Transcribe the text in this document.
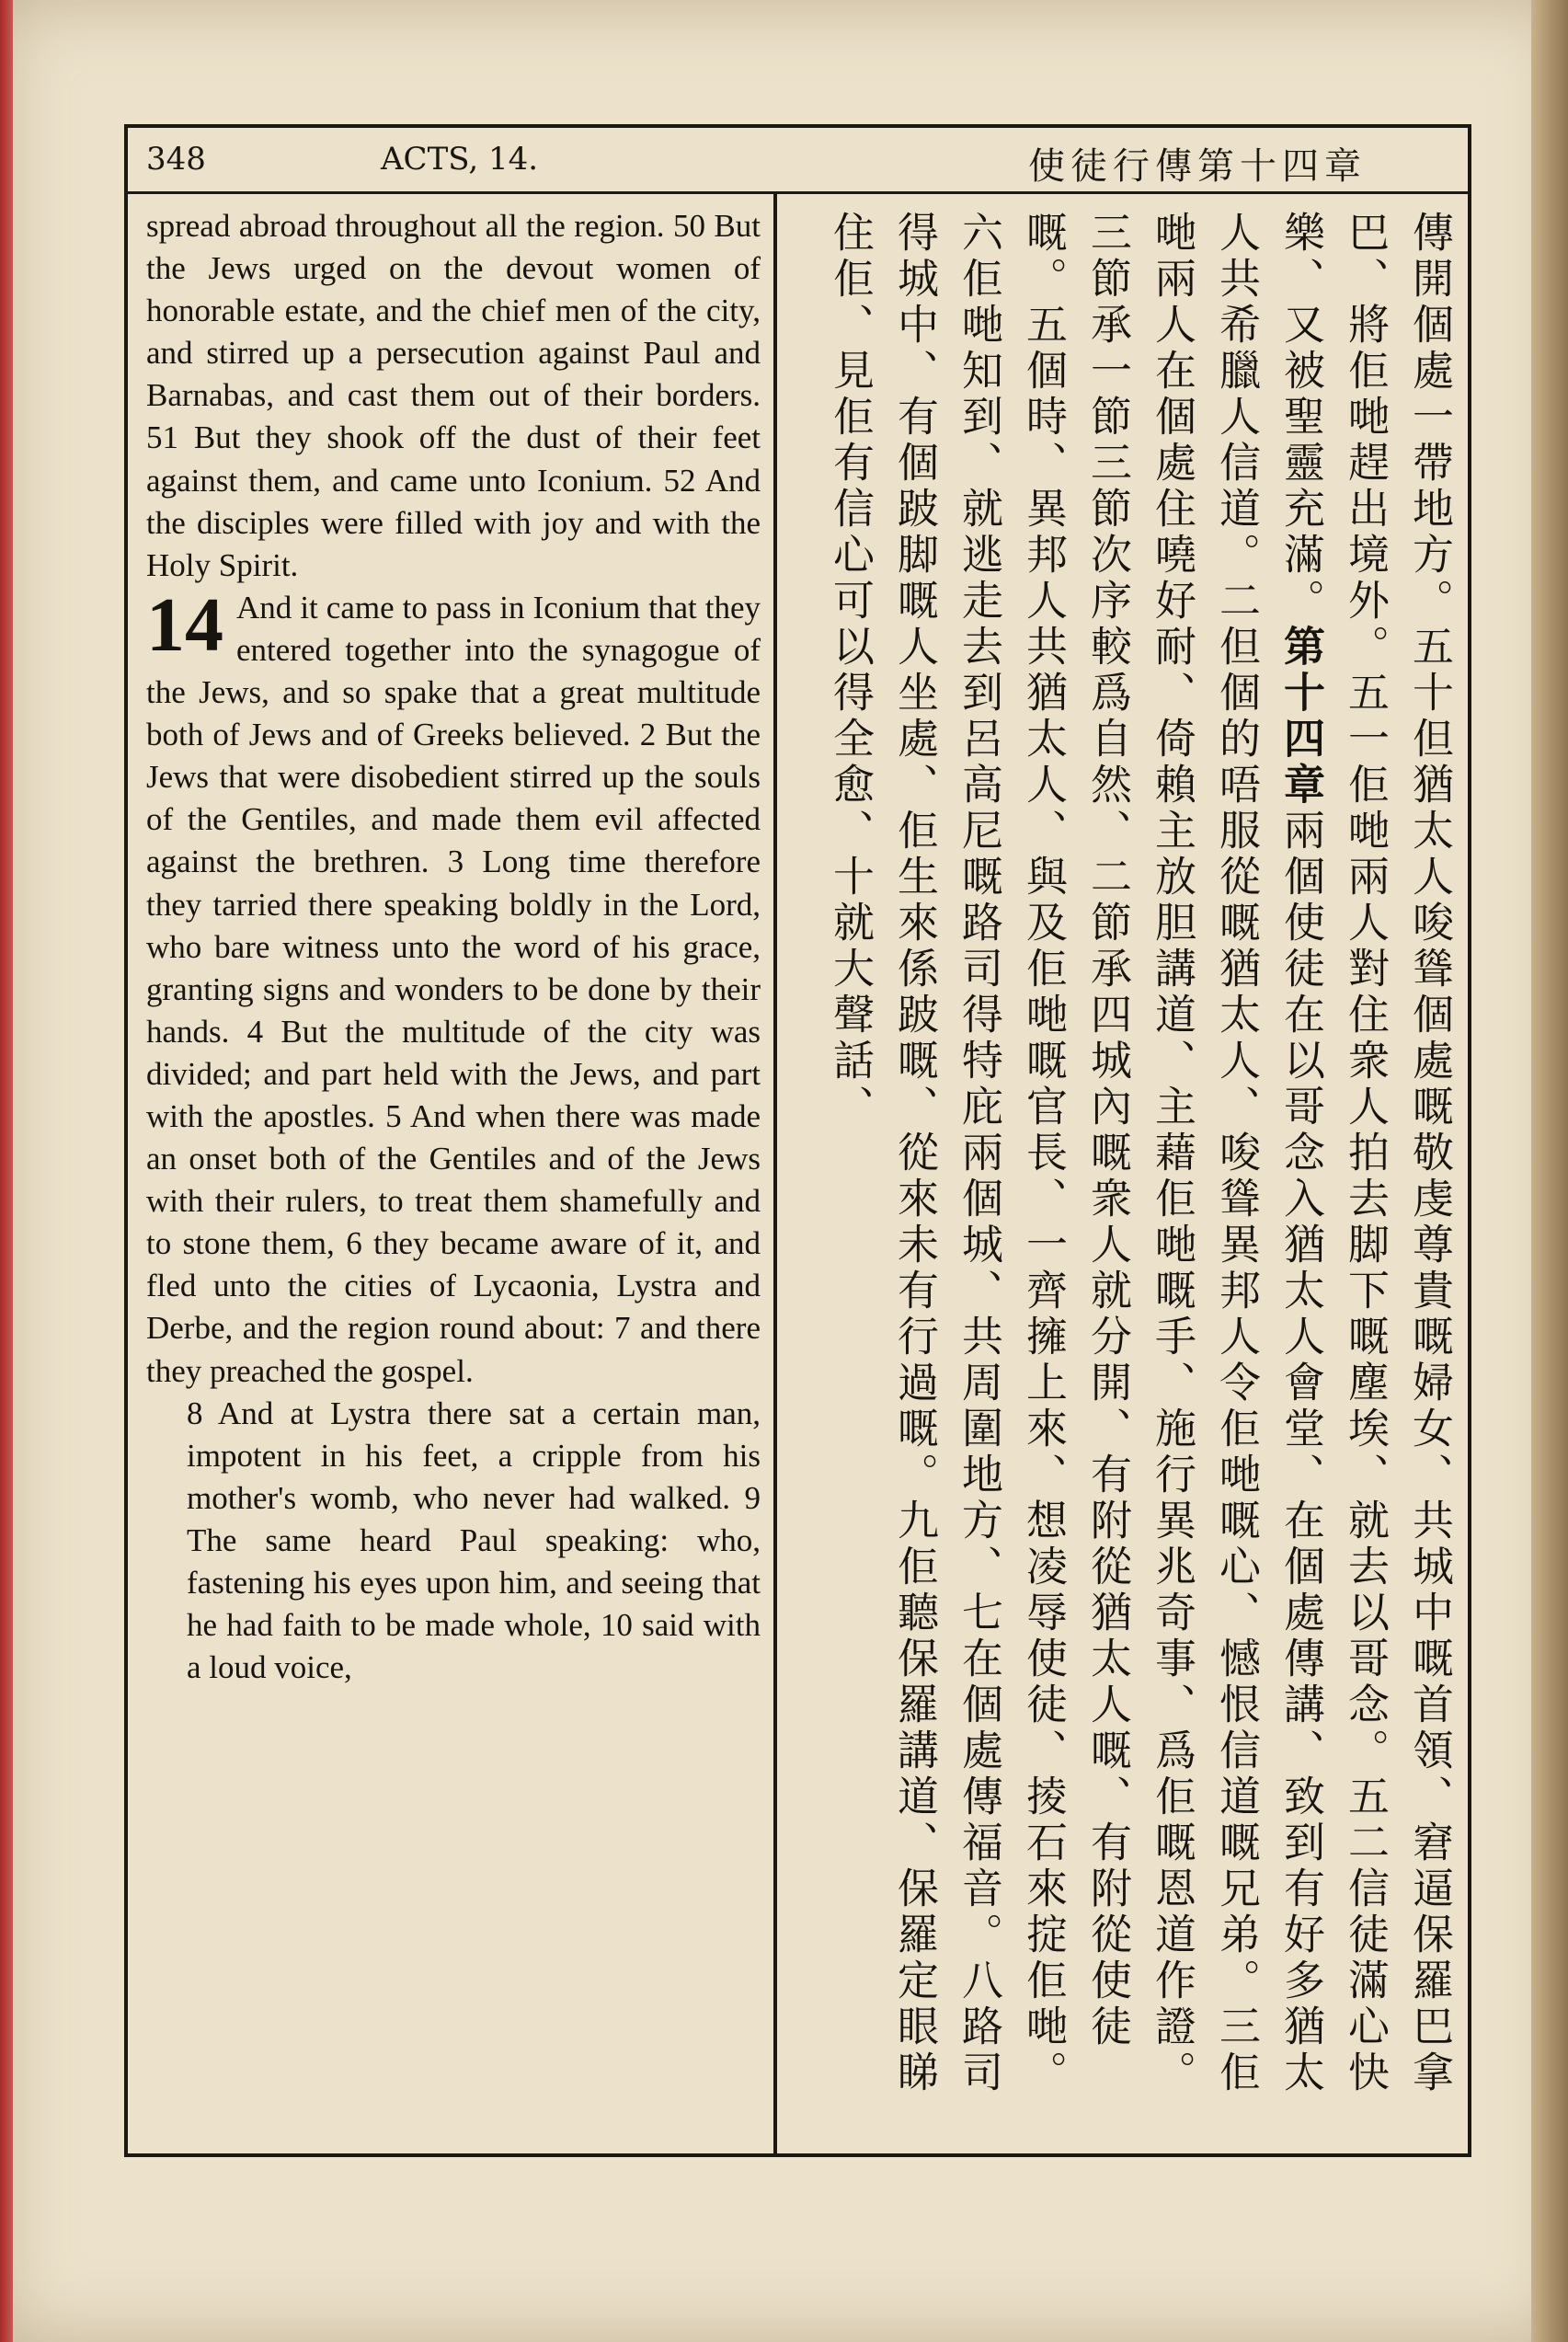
348	ACTS, 14.	使徒行傳第十四章

spread abroad throughout all the region. 50 But the Jews urged on the devout women of honorable estate, and the chief men of the city, and stirred up a persecution against Paul and Barnabas, and cast them out of their borders. 51 But they shook off the dust of their feet against them, and came unto Iconium. 52 And the disciples were filled with joy and with the Holy Spirit.

14 And it came to pass in Iconium that they entered together into the synagogue of the Jews, and so spake that a great multitude both of Jews and of Greeks believed. 2 But the Jews that were disobedient stirred up the souls of the Gentiles, and made them evil affected against the brethren. 3 Long time therefore they tarried there speaking boldly in the Lord, who bare witness unto the word of his grace, granting signs and wonders to be done by their hands. 4 But the multitude of the city was divided; and part held with the Jews, and part with the apostles. 5 And when there was made an onset both of the Gentiles and of the Jews with their rulers, to treat them shamefully and to stone them, 6 they became aware of it, and fled unto the cities of Lycaonia, Lystra and Derbe, and the region round about: 7 and there they preached the gospel.

8 And at Lystra there sat a certain man, impotent in his feet, a cripple from his mother's womb, who never had walked. 9 The same heard Paul speaking: who, fastening his eyes upon him, and seeing that he had faith to be made whole, 10 said with a loud voice,	傳開個處一帶地方。五十但猶太人唆聳個處嘅敬虔尊貴嘅婦女、共城中嘅首領、窘逼保羅巴拿巴、將佢哋趕出境外。五一佢哋兩人對住衆人拍去脚下嘅塵埃、就去以哥念。五二信徒滿心快樂、又被聖靈充滿。第十四章兩個使徒在以哥念入猶太人會堂、在個處傳講、致到有好多猶太人共希臘人信道。二但個的唔服從嘅猶太人、唆聳異邦人令佢哋嘅心、憾恨信道嘅兄弟。三佢哋兩人在個處住嘵好耐、倚賴主放胆講道、主藉佢哋嘅手、施行異兆奇事、爲佢嘅恩道作證。三節承一節三節次序較爲自然、二節承四城內嘅衆人就分開、有附從猶太人嘅、有附從使徒嘅。五個時、異邦人共猶太人、與及佢哋嘅官長、一齊擁上來、想凌辱使徒、掕石來掟佢哋。六佢哋知到、就逃走去到呂高尼嘅路司得特庇兩個城、共周圍地方、七在個處傳福音。八路司得城中、有個跛脚嘅人坐處、佢生來係跛嘅、從來未有行過嘅。九佢聽保羅講道、保羅定眼睇住佢、見佢有信心可以得全愈、十就大聲話、
